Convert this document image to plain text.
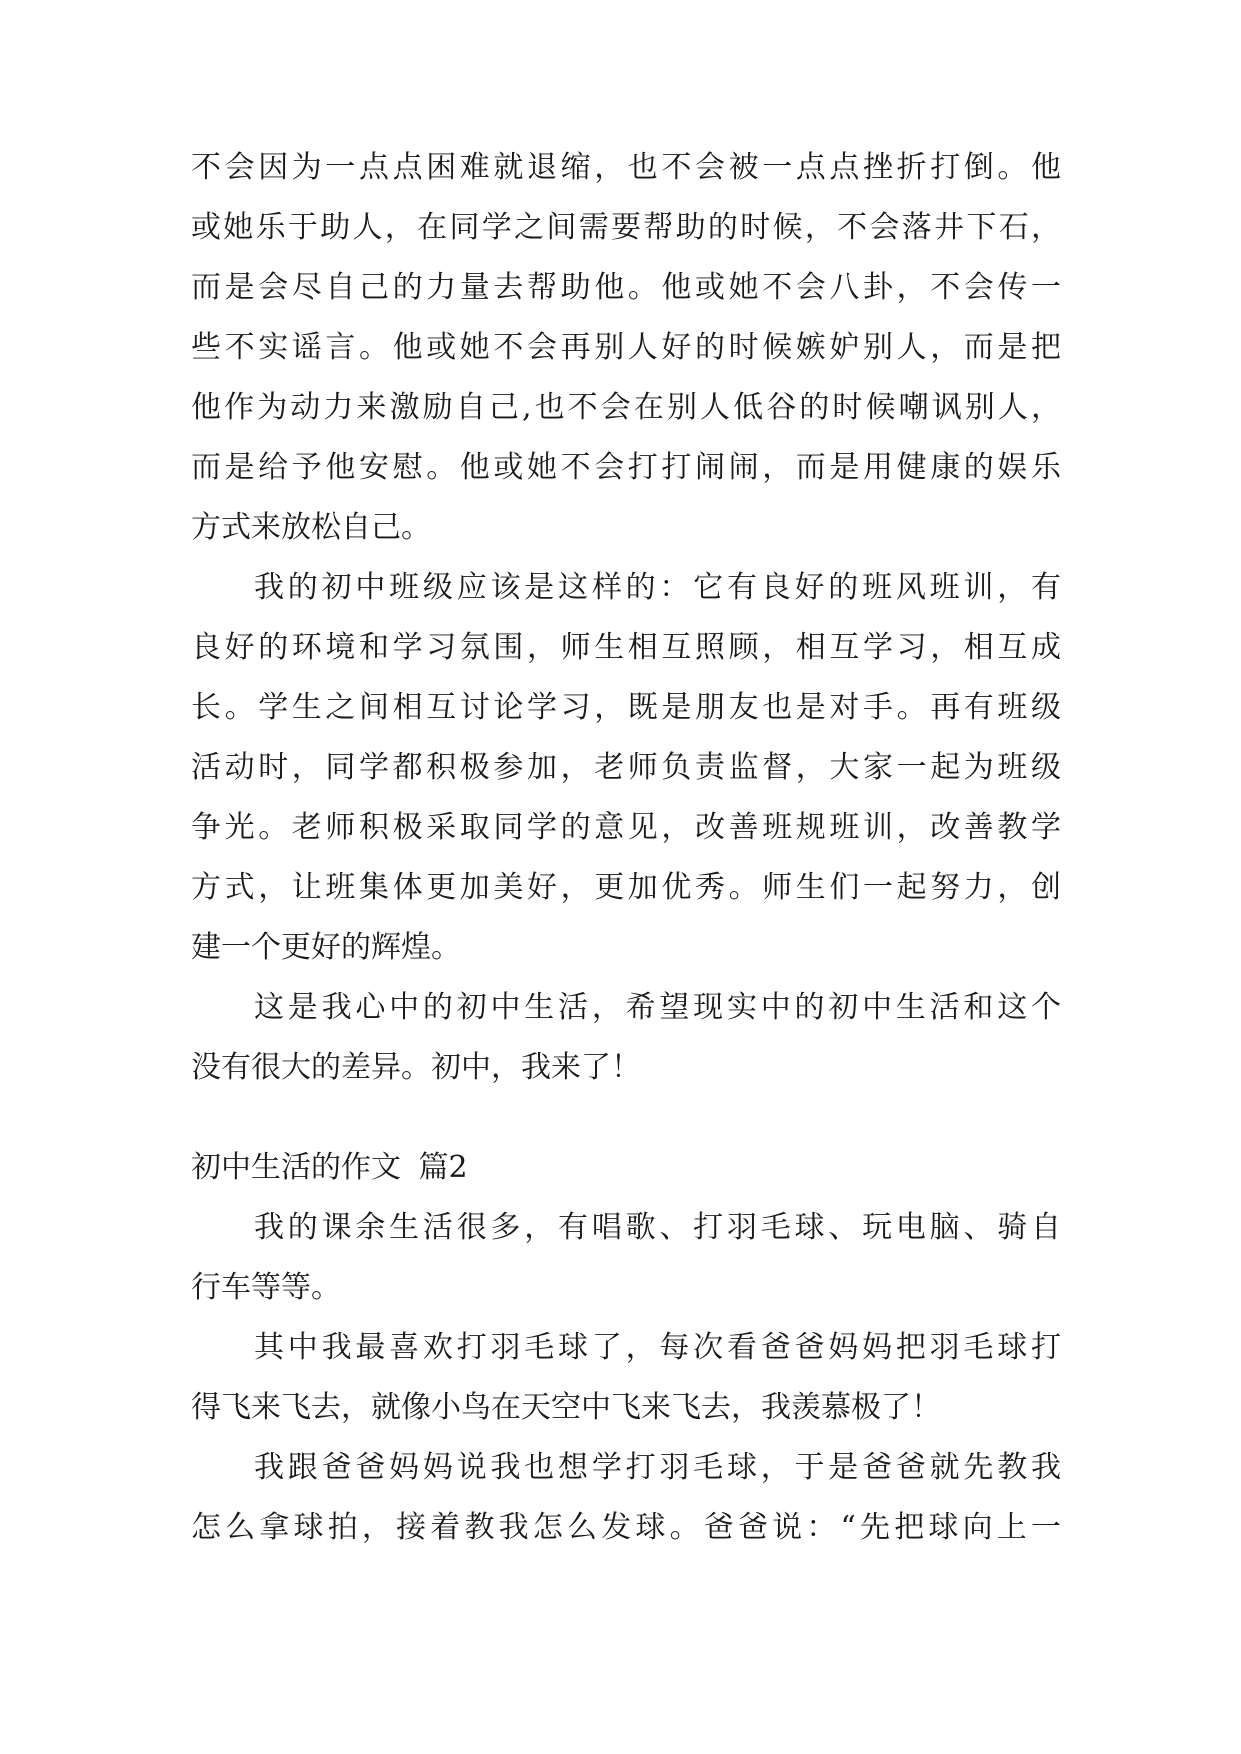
不会因为一点点困难就退缩，也不会被一点点挫折打倒。他
或她乐于助人，在同学之间需要帮助的时候，不会落井下石，
而是会尽自己的力量去帮助他。他或她不会八卦，不会传一
些不实谣言。他或她不会再别人好的时候嫉妒别人，而是把
他作为动力来激励自己,也不会在别人低谷的时候嘲讽别人，
而是给予他安慰。他或她不会打打闹闹，而是用健康的娱乐
方式来放松自己。
我的初中班级应该是这样的：它有良好的班风班训，有
良好的环境和学习氛围，师生相互照顾，相互学习，相互成
长。学生之间相互讨论学习，既是朋友也是对手。再有班级
活动时，同学都积极参加，老师负责监督，大家一起为班级
争光。老师积极采取同学的意见，改善班规班训，改善教学
方式，让班集体更加美好，更加优秀。师生们一起努力，创
建一个更好的辉煌。
这是我心中的初中生活，希望现实中的初中生活和这个
没有很大的差异。初中，我来了！
初中生活的作文 篇2
我的课余生活很多，有唱歌、打羽毛球、玩电脑、骑自
行车等等。
其中我最喜欢打羽毛球了，每次看爸爸妈妈把羽毛球打
得飞来飞去，就像小鸟在天空中飞来飞去，我羡慕极了！
我跟爸爸妈妈说我也想学打羽毛球，于是爸爸就先教我
怎么拿球拍，接着教我怎么发球。爸爸说：“先把球向上一
